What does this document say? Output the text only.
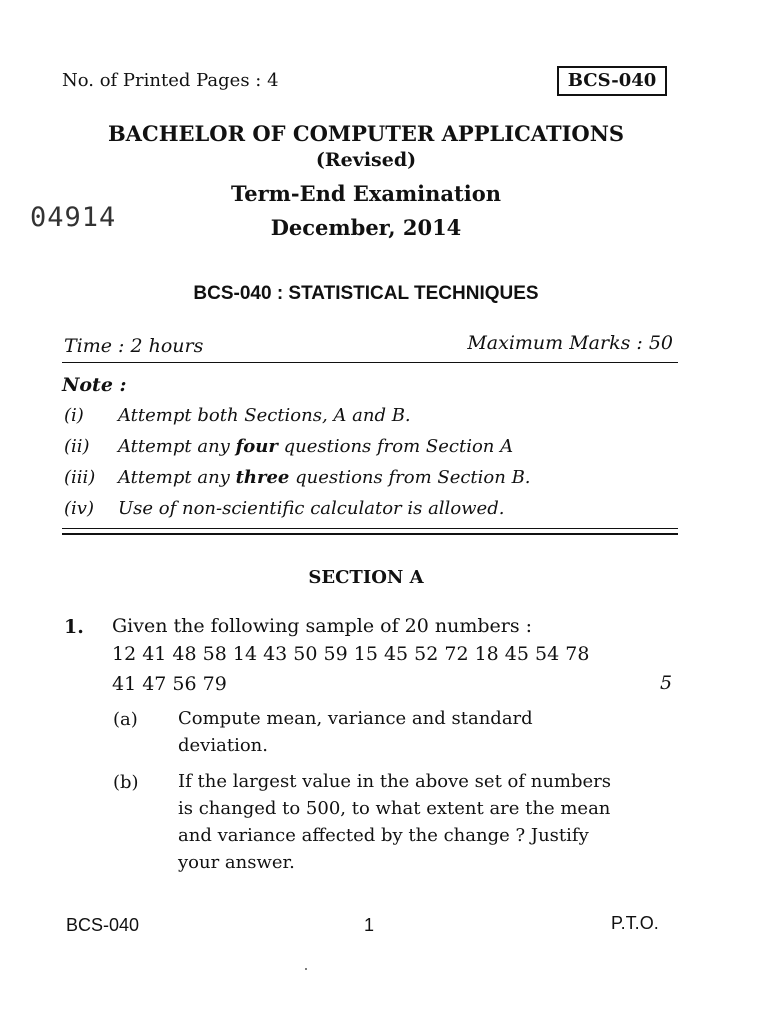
No. of Printed Pages : 4	BCS-040
BACHELOR OF COMPUTER APPLICATIONS
(Revised)
Term-End Examination
December, 2014
04914
BCS-040 : STATISTICAL TECHNIQUES
Time : 2 hours	Maximum Marks : 50
Note :
(i) Attempt both Sections, A and B.
(ii) Attempt any four questions from Section A
(iii) Attempt any three questions from Section B.
(iv) Use of non-scientific calculator is allowed.
SECTION A
1. Given the following sample of 20 numbers :
12 41 48 58 14 43 50 59 15 45 52 72 18 45 54 78
41 47 56 79	5
(a) Compute mean, variance and standard deviation.
(b) If the largest value in the above set of numbers is changed to 500, to what extent are the mean and variance affected by the change ? Justify your answer.
BCS-040	1	P.T.O.
